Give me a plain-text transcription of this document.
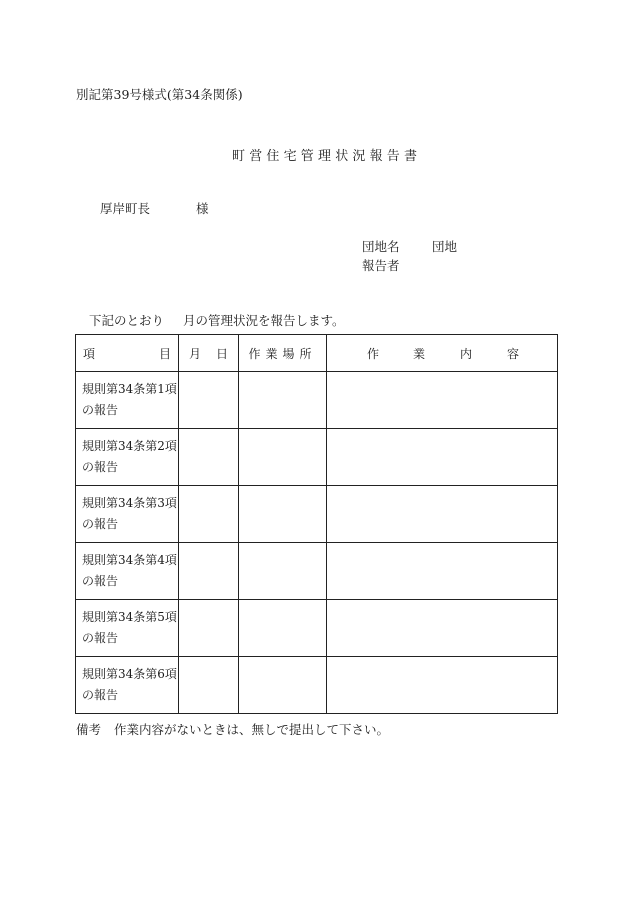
別記第39号様式(第34条関係)
町営住宅管理状況報告書
厚岸町長	様
団地名	団地
報告者
下記のとおり 月の管理状況を報告します。
項 目	月 日	作業場所	作 業 内 容

規則第34条第1項
の報告			

規則第34条第2項
の報告			

規則第34条第3項
の報告			

規則第34条第4項
の報告			

規則第34条第5項
の報告			

規則第34条第6項
の報告			

備考 作業内容がないときは、無しで提出して下さい。
